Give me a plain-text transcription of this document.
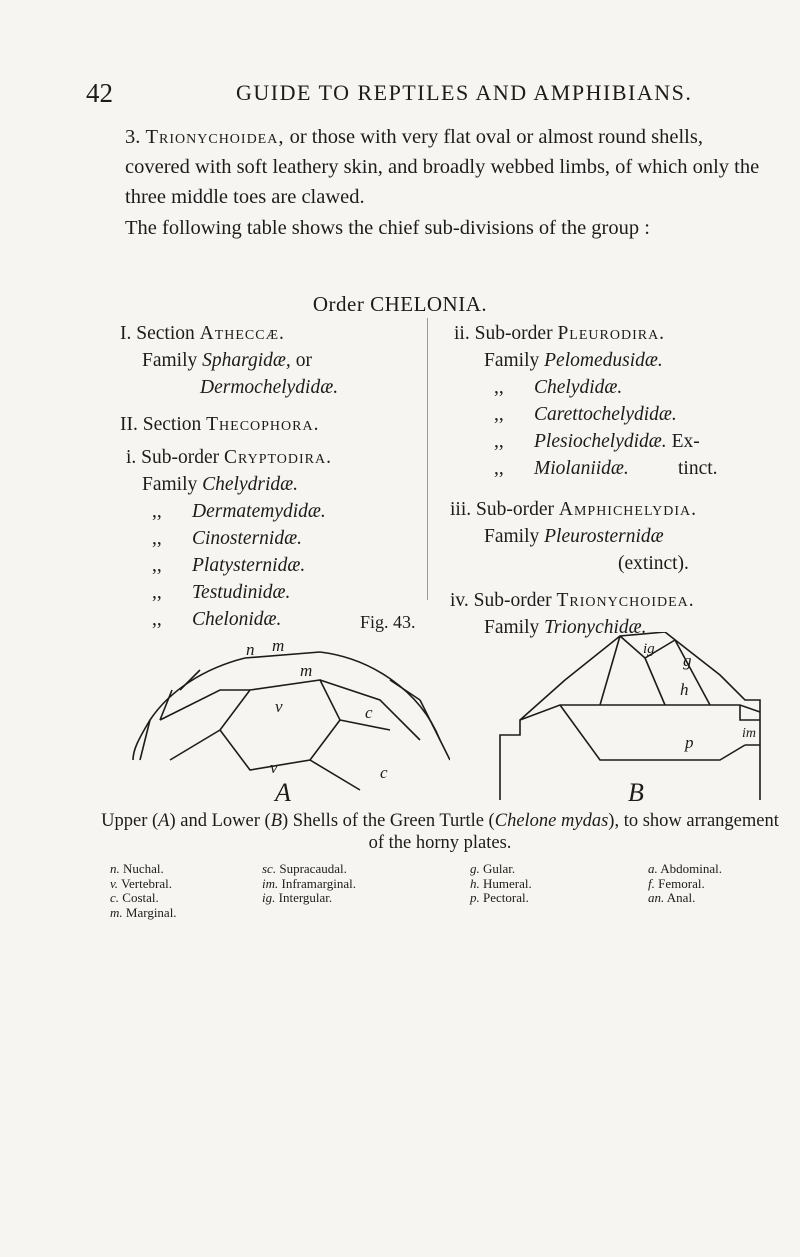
42	GUIDE TO REPTILES AND AMPHIBIANS.
3. Trionychoidea, or those with very flat oval or almost round shells, covered with soft leathery skin, and broadly webbed limbs, of which only the three middle toes are clawed.
The following table shows the chief sub-divisions of the group :
Order CHELONIA.
I. Section Atheccæ.
Family Sphargidæ, or
Dermochelydidæ.
II. Section Thecophora.
i. Sub-order Cryptodira.
Family Chelydridæ.
,, Dermatemydidæ.
,, Cinosternidæ.
,, Platysternidæ.
,, Testudinidæ.
,, Chelonidæ.
ii. Sub-order Pleurodira.
Family Pelomedusidæ.
,, Chelydidæ.
,, Carettochelydidæ.
,, Plesiochelydidæ. Ex-
,, Miolaniidæ.	tinct.
iii. Sub-order Amphichelydia.
Family Pleurosternidæ
(extinct).
iv. Sub-order Trionychoidea.
Family Trionychidæ.
Fig. 43.
n m
m
v	c
v	c
ig
g
h
p	im
A	B
Upper (A) and Lower (B) Shells of the Green Turtle (Chelone mydas), to show arrangement of the horny plates.
n. Nuchal.
v. Vertebral.
c. Costal.
m. Marginal.
sc. Supracaudal.
im. Inframarginal.
ig. Intergular.
g. Gular.
h. Humeral.
p. Pectoral.
a. Abdominal.
f. Femoral.
an. Anal.
